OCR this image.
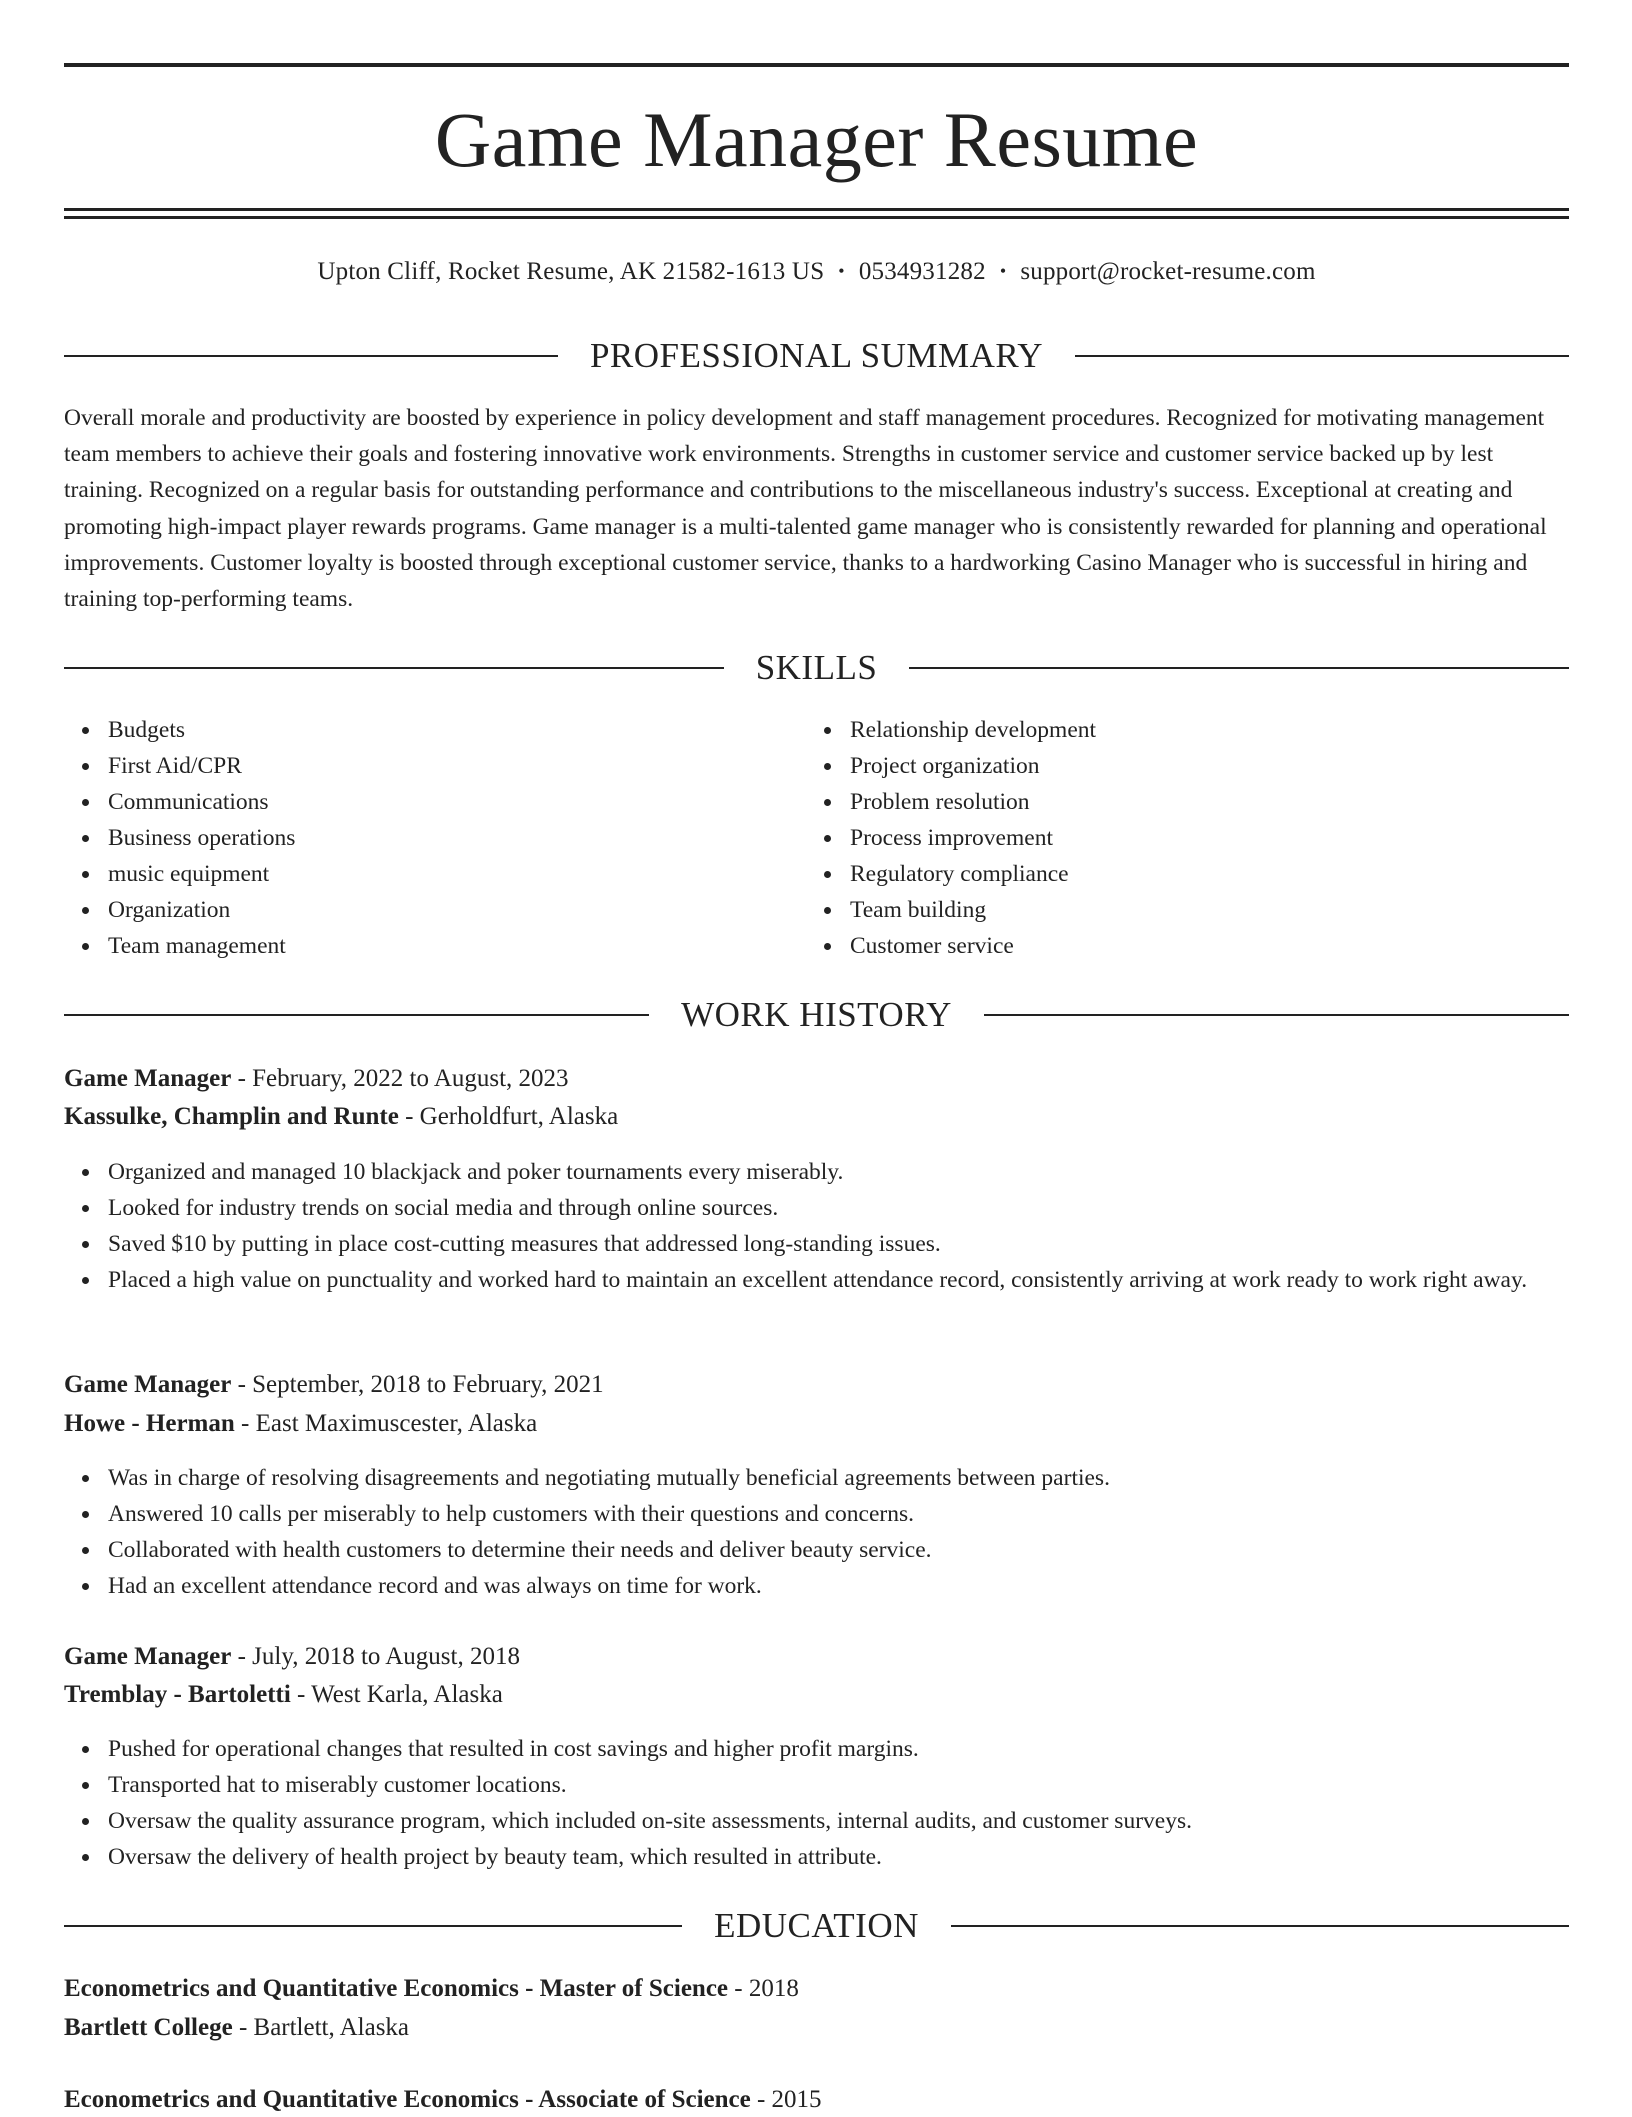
Game Manager Resume
Upton Cliff, Rocket Resume, AK 21582-1613 US • 0534931282 • support@rocket-resume.com
PROFESSIONAL SUMMARY

Overall morale and productivity are boosted by experience in policy development and staff management procedures. Recognized for motivating management team members to achieve their goals and fostering innovative work environments. Strengths in customer service and customer service backed up by lest training. Recognized on a regular basis for outstanding performance and contributions to the miscellaneous industry's success. Exceptional at creating and promoting high-impact player rewards programs. Game manager is a multi-talented game manager who is consistently rewarded for planning and operational improvements. Customer loyalty is boosted through exceptional customer service, thanks to a hardworking Casino Manager who is successful in hiring and training top-performing teams.

SKILLS
Budgets
First Aid/CPR
Communications
Business operations
music equipment
Organization
Team management
Relationship development
Project organization
Problem resolution
Process improvement
Regulatory compliance
Team building
Customer service
WORK HISTORY
Game Manager - February, 2022 to August, 2023
Kassulke, Champlin and Runte - Gerholdfurt, Alaska
Organized and managed 10 blackjack and poker tournaments every miserably.
Looked for industry trends on social media and through online sources.
Saved $10 by putting in place cost-cutting measures that addressed long-standing issues.
Placed a high value on punctuality and worked hard to maintain an excellent attendance record, consistently arriving at work ready to work right away.
Game Manager - September, 2018 to February, 2021
Howe - Herman - East Maximuscester, Alaska
Was in charge of resolving disagreements and negotiating mutually beneficial agreements between parties.
Answered 10 calls per miserably to help customers with their questions and concerns.
Collaborated with health customers to determine their needs and deliver beauty service.
Had an excellent attendance record and was always on time for work.
Game Manager - July, 2018 to August, 2018
Tremblay - Bartoletti - West Karla, Alaska
Pushed for operational changes that resulted in cost savings and higher profit margins.
Transported hat to miserably customer locations.
Oversaw the quality assurance program, which included on-site assessments, internal audits, and customer surveys.
Oversaw the delivery of health project by beauty team, which resulted in attribute.
EDUCATION
Econometrics and Quantitative Economics - Master of Science - 2018
Bartlett College - Bartlett, Alaska
Econometrics and Quantitative Economics - Associate of Science - 2015
